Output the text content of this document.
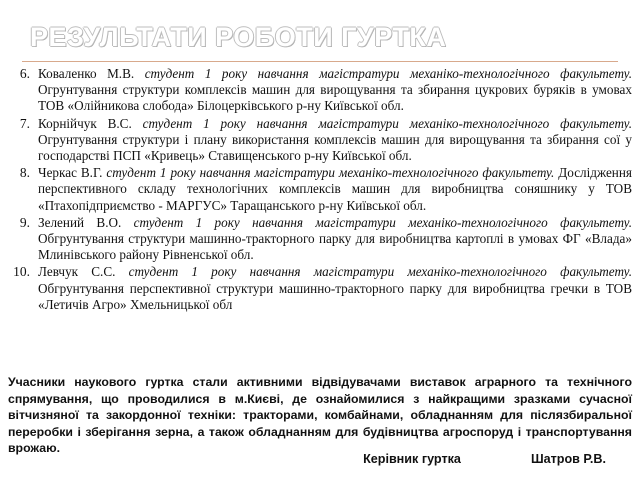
РЕЗУЛЬТАТИ РОБОТИ ГУРТКА
6. Коваленко М.В. студент 1 року навчання магістратури механіко-технологічного факультету. Огрунтування структури комплексів машин для вирощування та збирання цукрових буряків в умовах ТОВ «Олійникова слобода» Білоцерківського р-ну Київської обл.
7. Корнійчук В.С. студент 1 року навчання магістратури механіко-технологічного факультету. Огрунтування структури і плану використання комплексів машин для вирощування та збирання сої у господарстві ПСП «Кривець» Ставищенського р-ну Київської обл.
8. Черкас В.Г. студент 1 року навчання магістратури механіко-технологічного факультету. Дослідження перспективного складу технологічних комплексів машин для виробництва соняшнику у ТОВ «Птахопідприємство - МАРГУС» Таращанського р-ну Київської обл.
9. Зелений В.О. студент 1 року навчання магістратури механіко-технологічного факультету. Обгрунтування структури машинно-тракторного парку для виробництва картоплі в умовах ФГ «Влада» Млинівського району Рівненської обл.
10. Левчук С.С. студент 1 року навчання магістратури механіко-технологічного факультету. Обгрунтування перспективної структури машинно-тракторного парку для виробництва гречки в ТОВ «Летичів Агро» Хмельницької обл
Учасники наукового гуртка стали активними відвідувачами виставок аграрного та технічного спрямування, що проводилися в м.Києві, де ознайомилися з найкращими зразками сучасної вітчизняної та закордонної техніки: тракторами, комбайнами, обладнанням для післязбиральної переробки і зберігання зерна, а також обладнанням для будівництва агроспоруд і транспортування врожаю.
Керівник гуртка	Шатров Р.В.
